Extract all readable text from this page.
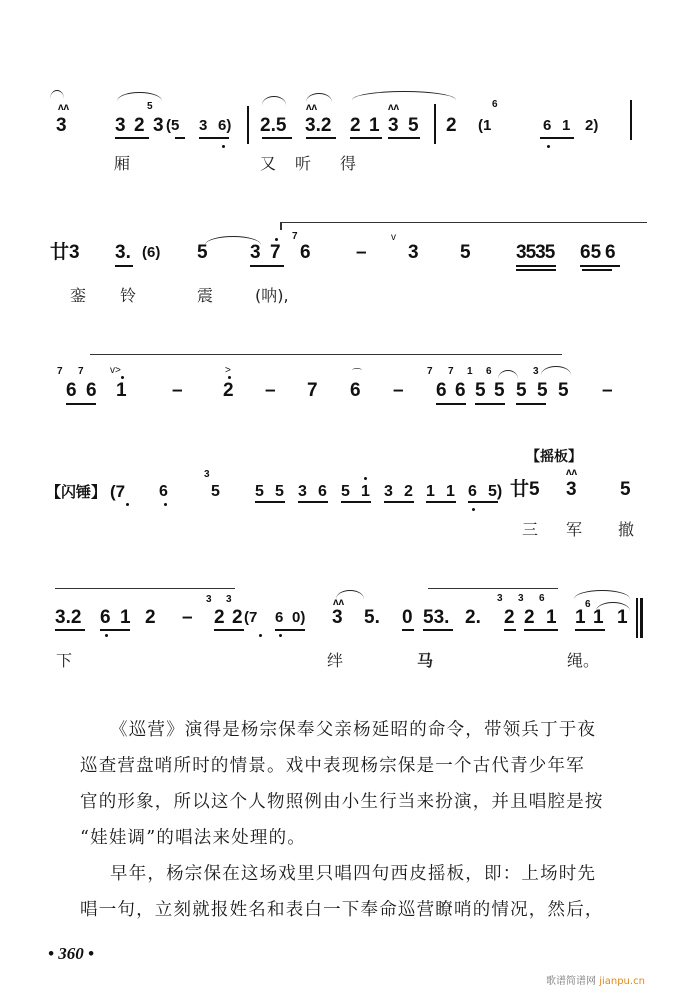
ʌʌ
3	3 2
5
3 (5 3 6) 2.5
ʌʌ
3.2 2 1
ʌʌ
3 5 2 (1
6
6 1 2)
厢	又 听 得
廿3 3. (6) 5 3 7
7
6 –
v
3 5 3535 65 6
銮 铃	震	(呐),
7 7
6 6
v>
1 –
>
2 – 7
⌒
6 –
7 7 1 6	3
6 6 5 5 5 5 5 –
【摇板】
【闪锤】 (7 6
3
5 5 5 3 6 5 1 3 2 1 1 6 5) 廿5
ʌʌ
3 5
三 军 撤
3.2 6 1 2 –
3 3
2 2 (7 6 0)
ʌʌ
3 5. 0 53. 2.
3 3 6
2 2 1
6
1 1 1
下	绊	马	绳。
《巡营》演得是杨宗保奉父亲杨延昭的命令，带领兵丁于夜
巡查营盘哨所时的情景。戏中表现杨宗保是一个古代青少年军
官的形象，所以这个人物照例由小生行当来扮演，并且唱腔是按
“娃娃调”的唱法来处理的。
早年，杨宗保在这场戏里只唱四句西皮摇板，即：上场时先
唱一句，立刻就报姓名和表白一下奉命巡营瞭哨的情况，然后，
• 360 •
歌谱简谱网 jianpu.cn
